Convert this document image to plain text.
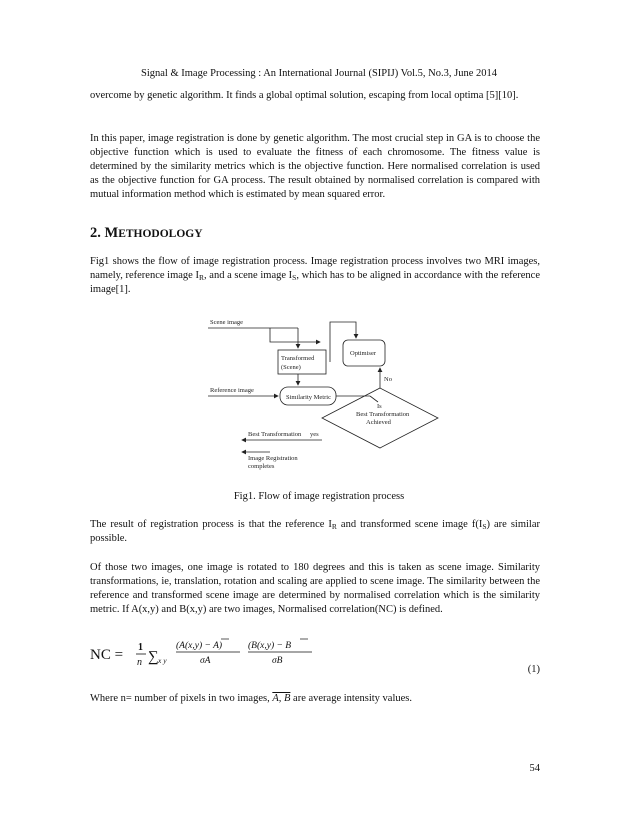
Signal & Image Processing : An International Journal (SIPIJ) Vol.5, No.3, June 2014

overcome by genetic algorithm. It finds a global optimal solution, escaping from local optima [5][10].

In this paper, image registration is done by genetic algorithm. The most crucial step in GA is to choose the objective function which is used to evaluate the fitness of each chromosome. The fitness value is determined by the similarity metrics which is the objective function. Here normalised correlation is used as the objective function for GA process. The result obtained by normalised correlation is compared with mutual information method which is estimated by mean squared error.

2. METHODOLOGY

Fig1 shows the flow of image registration process. Image registration process involves two MRI images, namely, reference image $I_R$, and a scene image $I_S$, which has to be aligned in accordance with the reference image[1].

Scene image
Transformed
(Scene)
Optimiser
Reference image
Similarity Metric
No
Is
Best Transformation
Achieved
Best Transformation yes
Image Registration
completes
Fig1. Flow of image registration process

The result of registration process is that the reference $I_R$ and transformed scene image $f(I_S)$ are similar possible.

Of those two images, one image is rotated to 180 degrees and this is taken as scene image. Similarity transformations, ie, translation, rotation and scaling are applied to scene image. The similarity between the reference and transformed scene image are determined by normalised correlation which is the similarity metric. If A(x,y) and B(x,y) are two images, Normalised correlation(NC) is defined.

NC = 1
n ∑ x y
(A(x,y) − A)
σA
(B(x,y) − B
σB
(1)

Where n= number of pixels in two images, A, B are average intensity values.

54
